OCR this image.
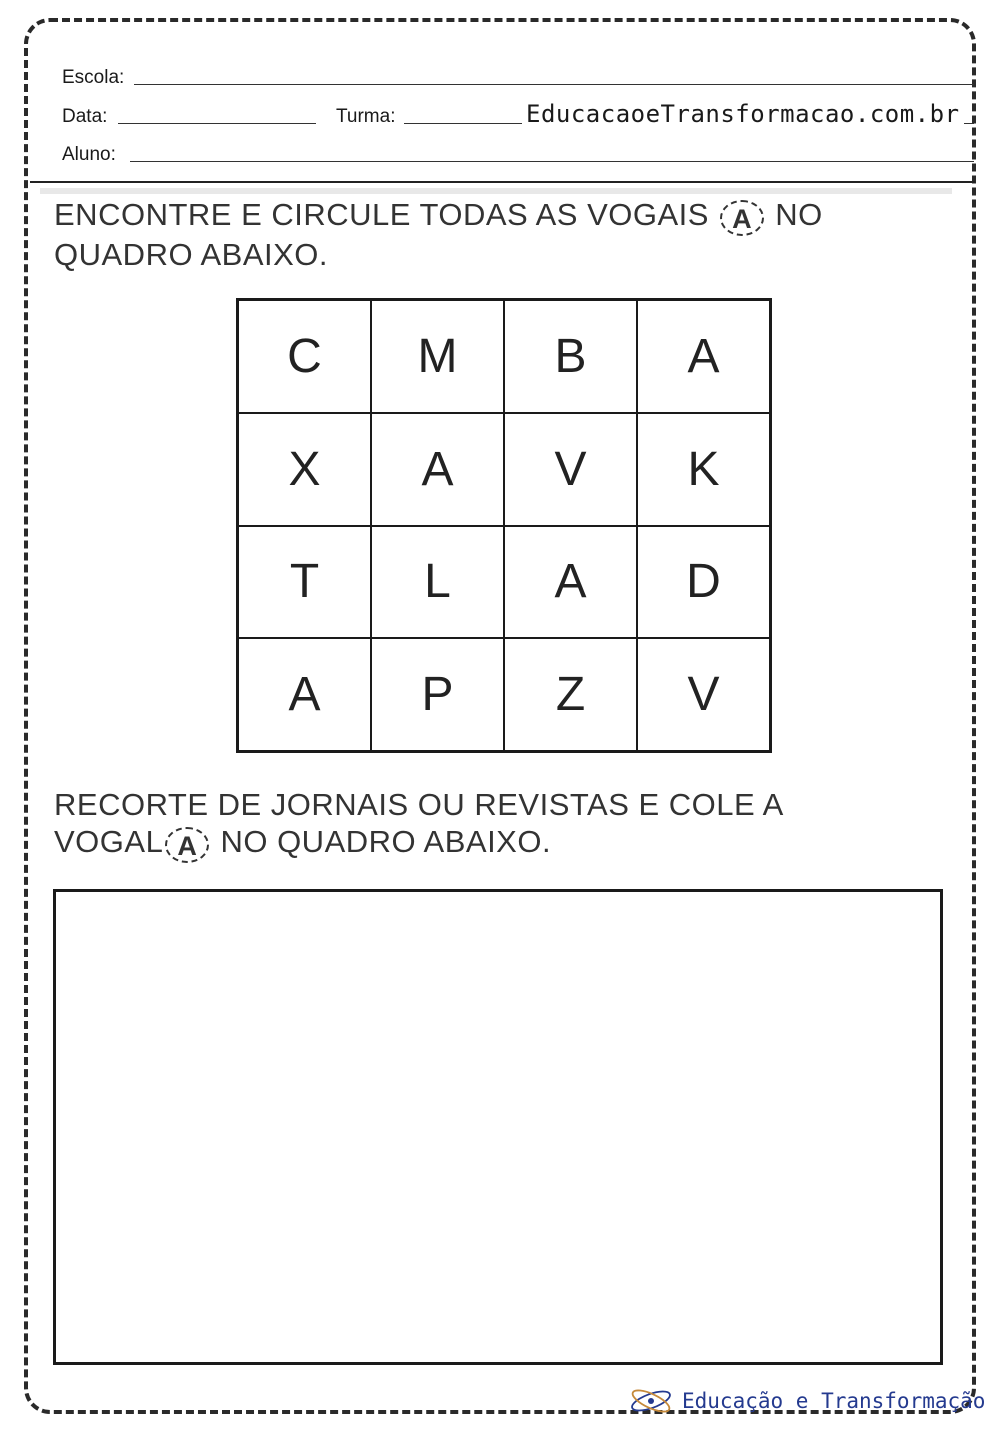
Escola:
Data:	Turma:	EducacaoeTransformacao.com.br
Aluno:
ENCONTRE E CIRCULE TODAS AS VOGAIS A NO
QUADRO ABAIXO.
C	M	B	A
X	A	V	K
T	L	A	D
A	P	Z	V
RECORTE DE JORNAIS OU REVISTAS E COLE A
VOGAL A NO QUADRO ABAIXO.
Educação e Transformação
